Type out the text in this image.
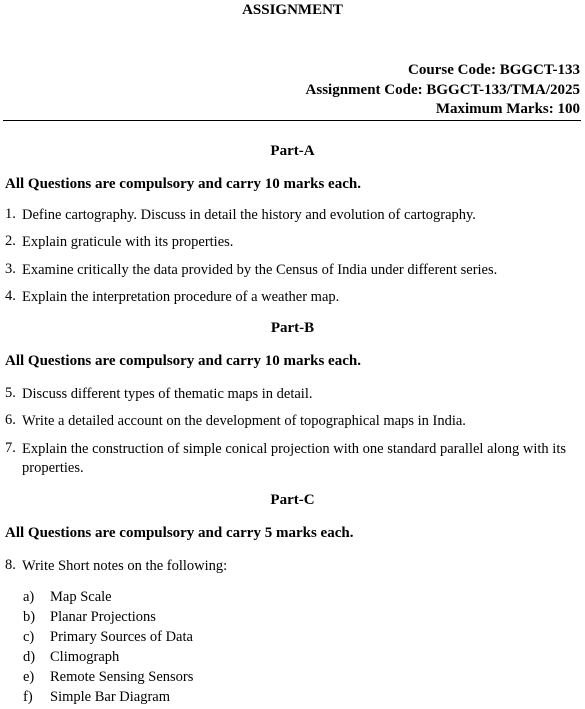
ASSIGNMENT
Course Code: BGGCT-133
Assignment Code: BGGCT-133/TMA/2025
Maximum Marks: 100
Part-A
All Questions are compulsory and carry 10 marks each.
1. Define cartography. Discuss in detail the history and evolution of cartography.
2. Explain graticule with its properties.
3. Examine critically the data provided by the Census of India under different series.
4. Explain the interpretation procedure of a weather map.
Part-B
All Questions are compulsory and carry 10 marks each.
5. Discuss different types of thematic maps in detail.
6. Write a detailed account on the development of topographical maps in India.
7. Explain the construction of simple conical projection with one standard parallel along with its properties.
Part-C
All Questions are compulsory and carry 5 marks each.
8. Write Short notes on the following:
a) Map Scale
b) Planar Projections
c) Primary Sources of Data
d) Climograph
e) Remote Sensing Sensors
f) Simple Bar Diagram
